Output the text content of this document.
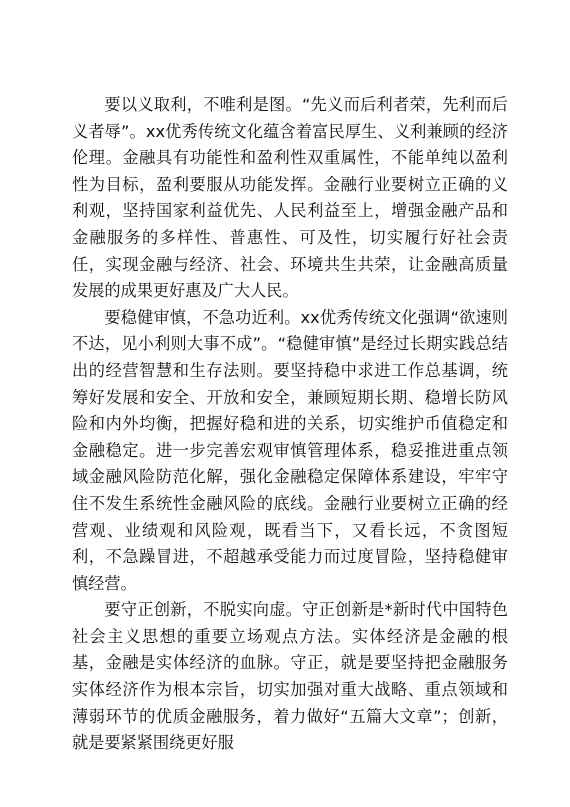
要以义取利，不唯利是图。“先义而后利者荣，先利而后义者辱”。xx优秀传统文化蕴含着富民厚生、义利兼顾的经济伦理。金融具有功能性和盈利性双重属性，不能单纯以盈利性为目标，盈利要服从功能发挥。金融行业要树立正确的义利观，坚持国家利益优先、人民利益至上，增强金融产品和金融服务的多样性、普惠性、可及性，切实履行好社会责任，实现金融与经济、社会、环境共生共荣，让金融高质量发展的成果更好惠及广大人民。

要稳健审慎，不急功近利。xx优秀传统文化强调“欲速则不达，见小利则大事不成”。“稳健审慎”是经过长期实践总结出的经营智慧和生存法则。要坚持稳中求进工作总基调，统筹好发展和安全、开放和安全，兼顾短期长期、稳增长防风险和内外均衡，把握好稳和进的关系，切实维护币值稳定和金融稳定。进一步完善宏观审慎管理体系，稳妥推进重点领域金融风险防范化解，强化金融稳定保障体系建设，牢牢守住不发生系统性金融风险的底线。金融行业要树立正确的经营观、业绩观和风险观，既看当下，又看长远，不贪图短利，不急躁冒进，不超越承受能力而过度冒险，坚持稳健审慎经营。

要守正创新，不脱实向虚。守正创新是*新时代中国特色社会主义思想的重要立场观点方法。实体经济是金融的根基，金融是实体经济的血脉。守正，就是要坚持把金融服务实体经济作为根本宗旨，切实加强对重大战略、重点领域和薄弱环节的优质金融服务，着力做好“五篇大文章”；创新，就是要紧紧围绕更好服
